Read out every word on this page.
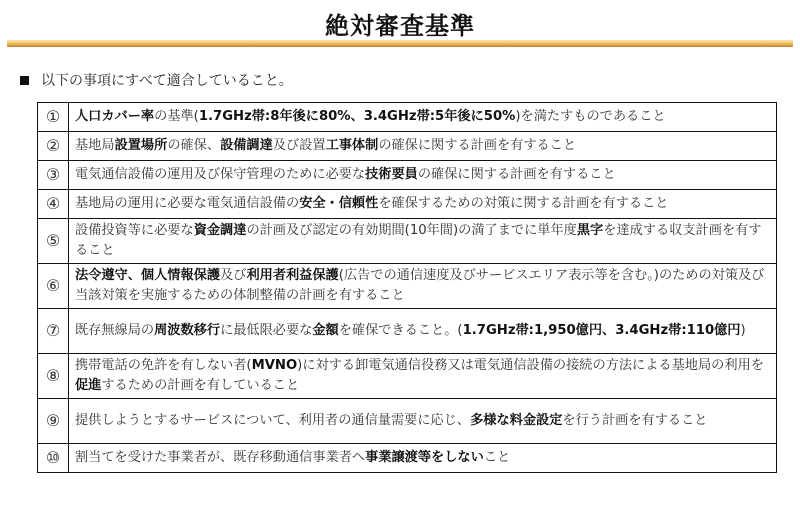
絶対審査基準
以下の事項にすべて適合していること。
①	人口カバー率の基準(1.7GHz帯:8年後に80%、3.4GHz帯:5年後に50%)を満たすものであること
②	基地局設置場所の確保、設備調達及び設置工事体制の確保に関する計画を有すること
③	電気通信設備の運用及び保守管理のために必要な技術要員の確保に関する計画を有すること
④	基地局の運用に必要な電気通信設備の安全・信頼性を確保するための対策に関する計画を有すること
⑤	設備投資等に必要な資金調達の計画及び認定の有効期間(10年間)の満了までに単年度黒字を達成する収支計画を有すること
⑥	法令遵守、個人情報保護及び利用者利益保護(広告での通信速度及びサービスエリア表示等を含む。)のための対策及び当該対策を実施するための体制整備の計画を有すること
⑦	既存無線局の周波数移行に最低限必要な金額を確保できること。(1.7GHz帯:1,950億円、3.4GHz帯:110億円)
⑧	携帯電話の免許を有しない者(MVNO)に対する卸電気通信役務又は電気通信設備の接続の方法による基地局の利用を促進するための計画を有していること
⑨	提供しようとするサービスについて、利用者の通信量需要に応じ、多様な料金設定を行う計画を有すること
⑩	割当てを受けた事業者が、既存移動通信事業者へ事業譲渡等をしないこと
